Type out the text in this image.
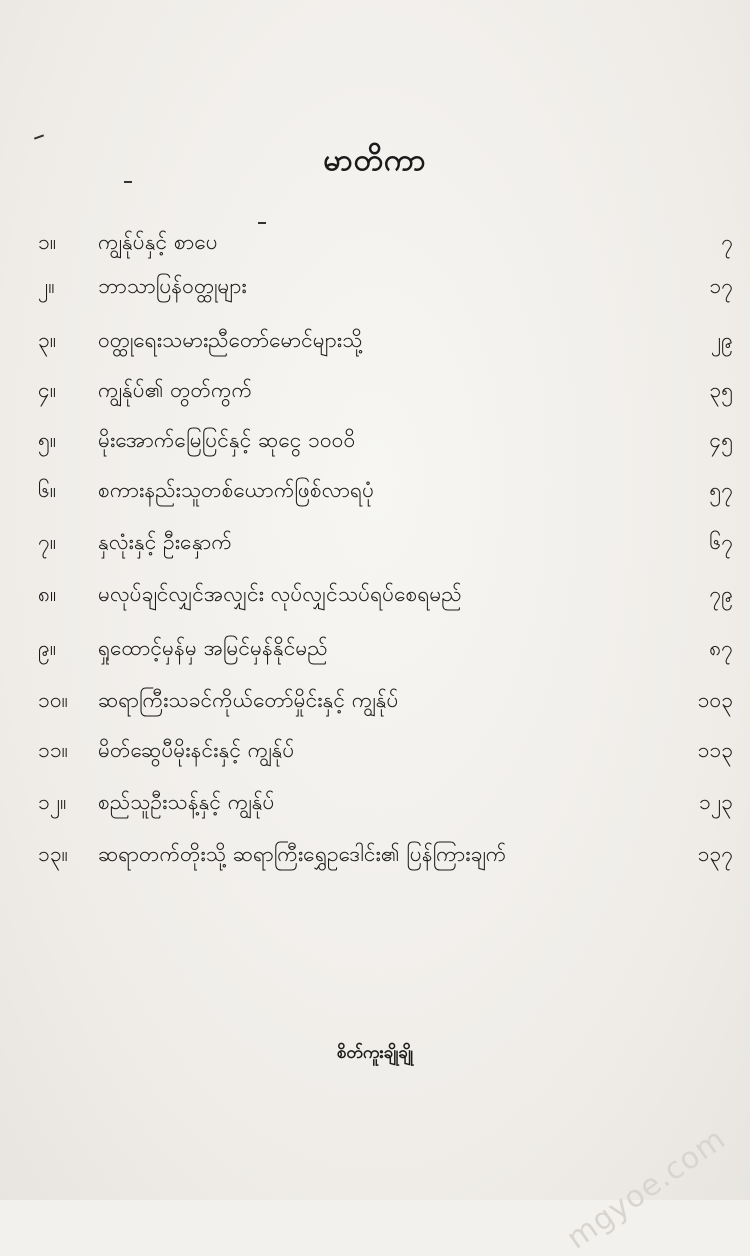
မာတိကာ
၁။	ကျွန်ုပ်နှင့် စာပေ	၇
၂။	ဘာသာပြန်ဝတ္ထုများ	၁၇
၃။	ဝတ္ထုရေးသမားညီတော်မောင်များသို့	၂၉
၄။	ကျွန်ုပ်၏ တွတ်ကွက်	၃၅
၅။	မိုးအောက်မြေပြင်နှင့် ဆုငွေ ၁၀၀ဝိ	၄၅
၆။	စကားနည်းသူတစ်ယောက်ဖြစ်လာရပုံ	၅၇
၇။	နှလုံးနှင့် ဦးနှောက်	၆၇
၈။	မလုပ်ချင်လျှင်အလျှင်း လုပ်လျှင်သပ်ရပ်စေရမည်	၇၉
၉။	ရှုထောင့်မှန်မှ အမြင်မှန်နိုင်မည်	၈၇
၁၀။	ဆရာကြီးသခင်ကိုယ်တော်မှိုင်းနှင့် ကျွန်ုပ်	၁၀၃
၁၁။	မိတ်ဆွေပီမိုးနင်းနှင့် ကျွန်ုပ်	၁၁၃
၁၂။	စည်သူဦးသန့်နှင့် ကျွန်ုပ်	၁၂၃
၁၃။	ဆရာတက်တိုးသို့ ဆရာကြီးရွှေဥဒေါင်း၏ ပြန်ကြားချက်	၁၃၇
စိတ်ကူးချိုချို
mgyoe.com
